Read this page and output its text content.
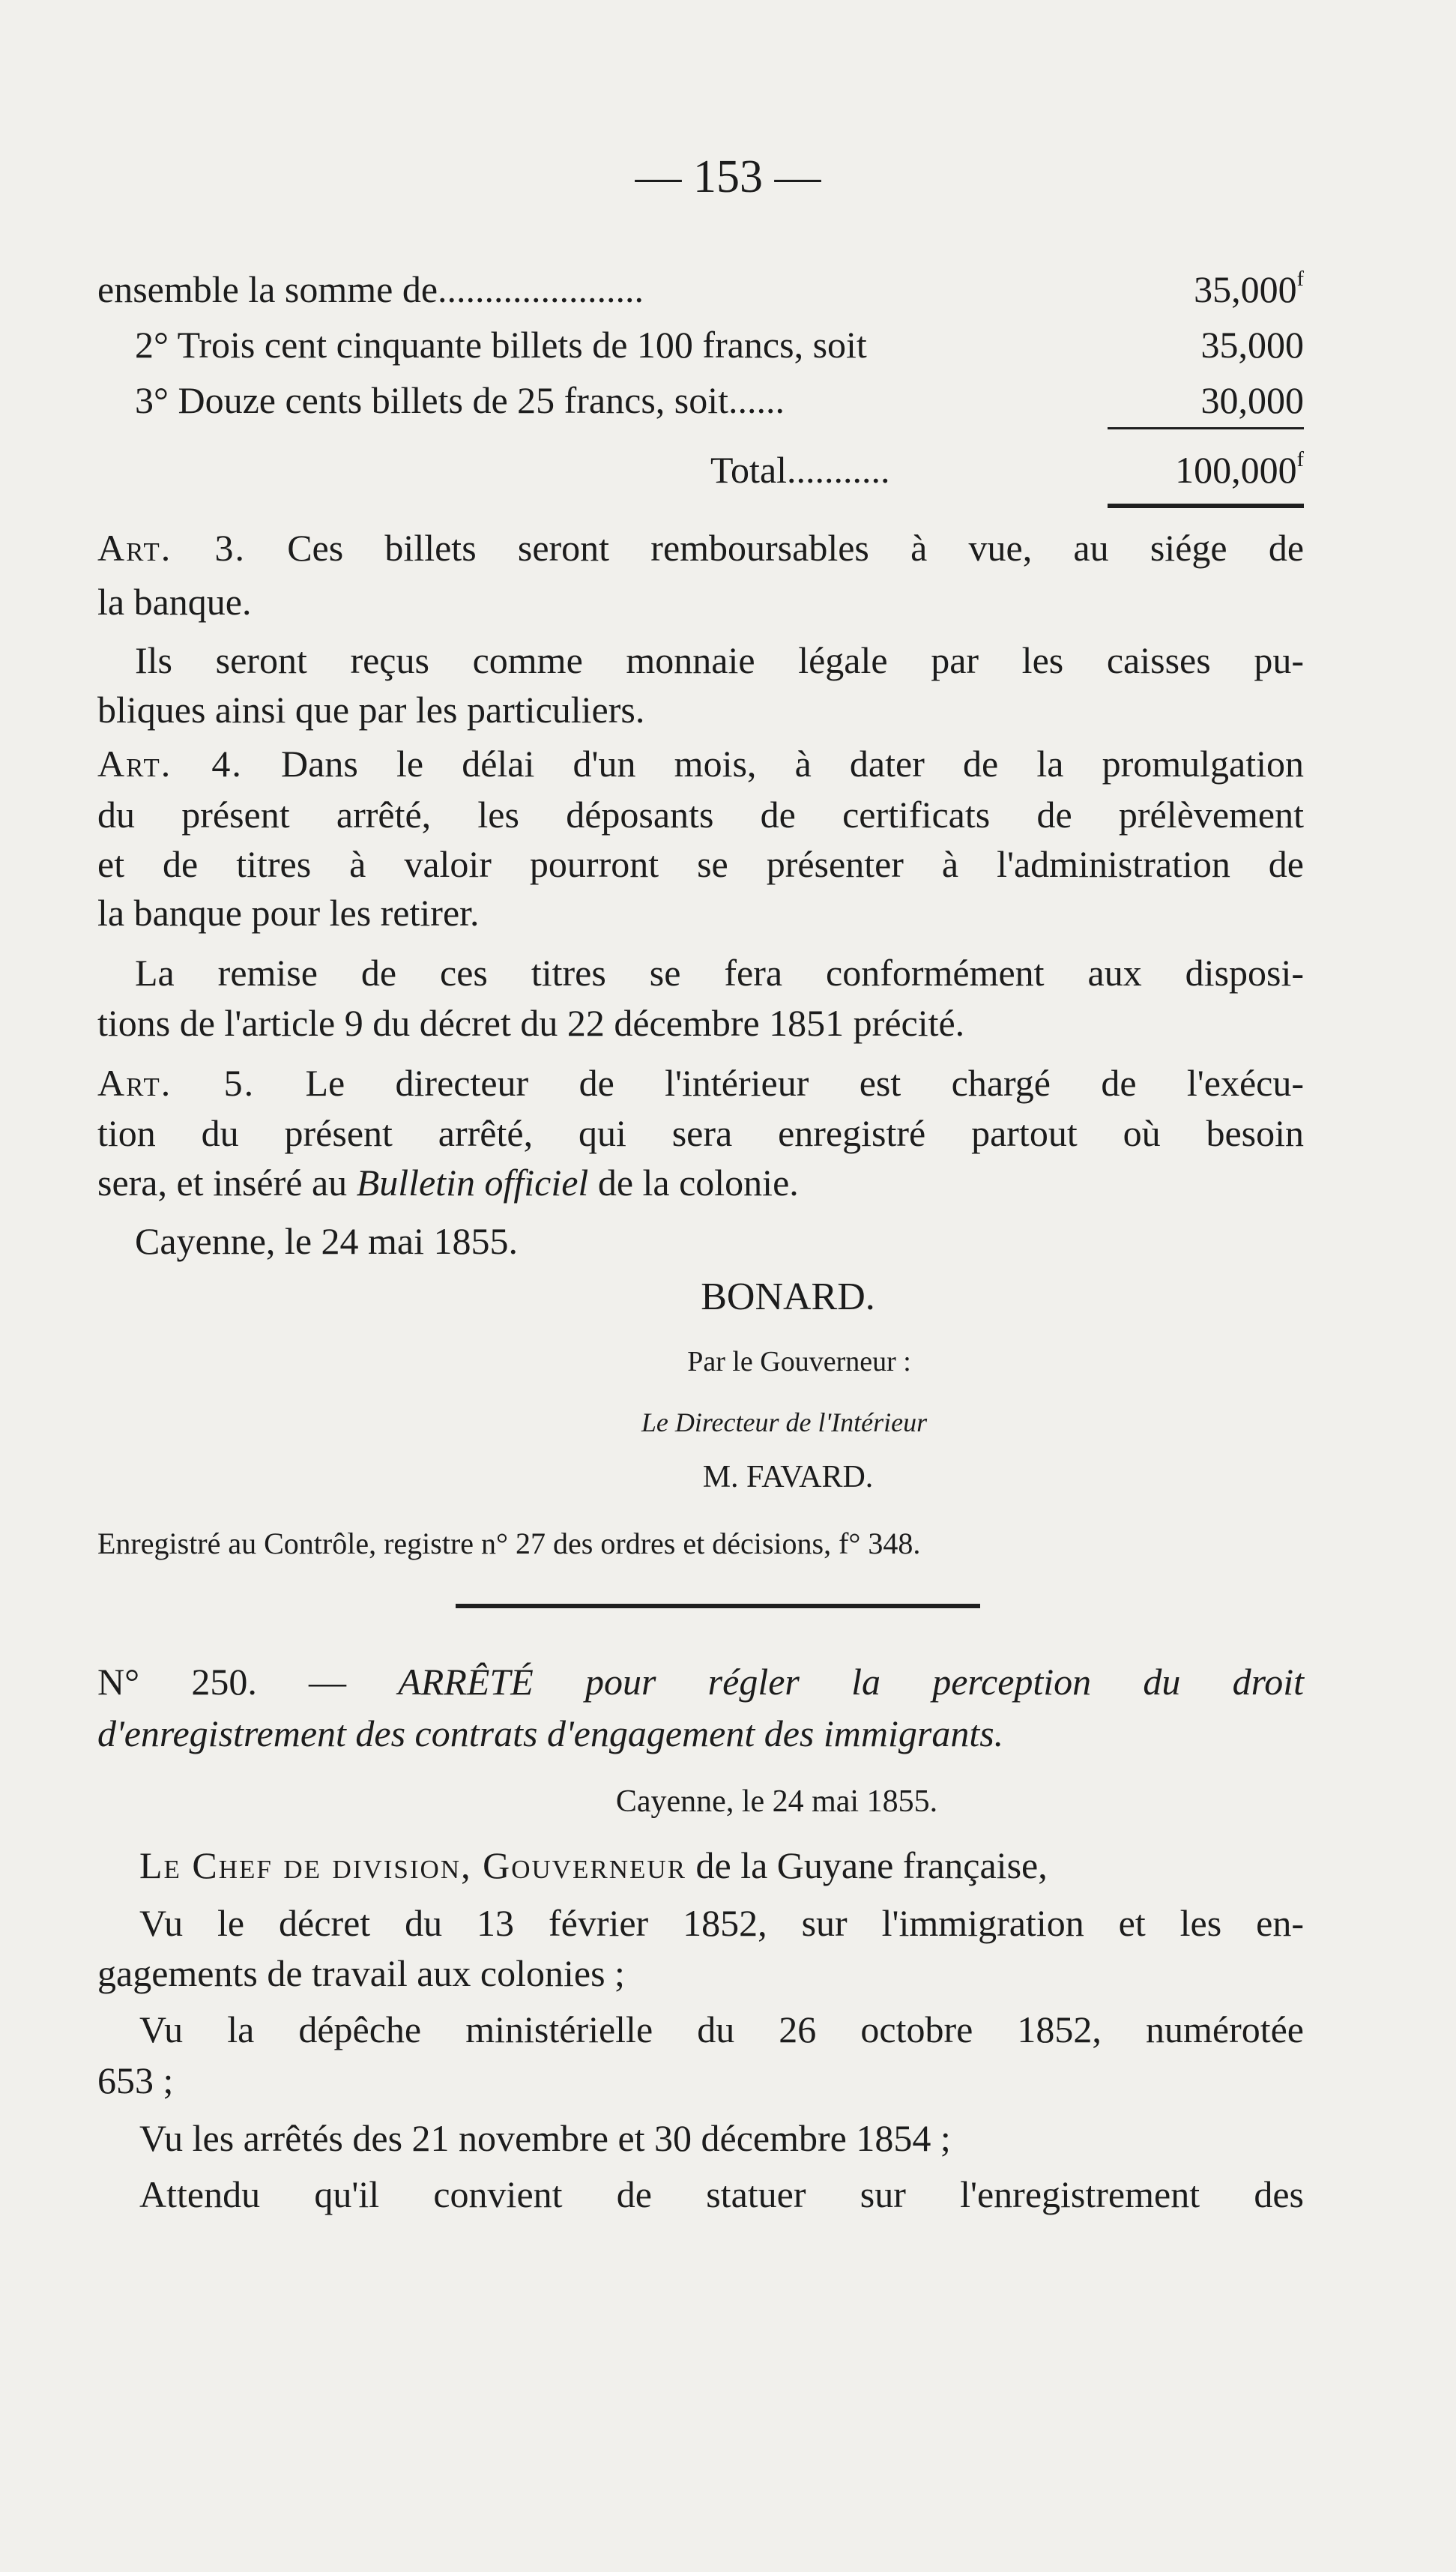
— 153 —
ensemble la somme de......................	35,000$^f$
2° Trois cent cinquante billets de 100 francs, soit	35,000
3° Douze cents billets de 25 francs, soit......	30,000
Total...........	100,000$^f$
Art. 3. Ces billets seront remboursables à vue, au siége de
la banque.
Ils seront reçus comme monnaie légale par les caisses pu-
bliques ainsi que par les particuliers.
Art. 4. Dans le délai d'un mois, à dater de la promulgation
du présent arrêté, les déposants de certificats de prélèvement
et de titres à valoir pourront se présenter à l'administration de
la banque pour les retirer.
La remise de ces titres se fera conformément aux disposi-
tions de l'article 9 du décret du 22 décembre 1851 précité.
Art. 5. Le directeur de l'intérieur est chargé de l'exécu-
tion du présent arrêté, qui sera enregistré partout où besoin
sera, et inséré au Bulletin officiel de la colonie.
Cayenne, le 24 mai 1855.
BONARD.
Par le Gouverneur :
Le Directeur de l'Intérieur
M. FAVARD.
Enregistré au Contrôle, registre n° 27 des ordres et décisions, f° 348.
N° 250. — ARRÊTÉ pour régler la perception du droit
d'enregistrement des contrats d'engagement des immigrants.
Cayenne, le 24 mai 1855.
Le Chef de division, Gouverneur de la Guyane française,
Vu le décret du 13 février 1852, sur l'immigration et les en-
gagements de travail aux colonies ;
Vu la dépêche ministérielle du 26 octobre 1852, numérotée
653 ;
Vu les arrêtés des 21 novembre et 30 décembre 1854 ;
Attendu qu'il convient de statuer sur l'enregistrement des
